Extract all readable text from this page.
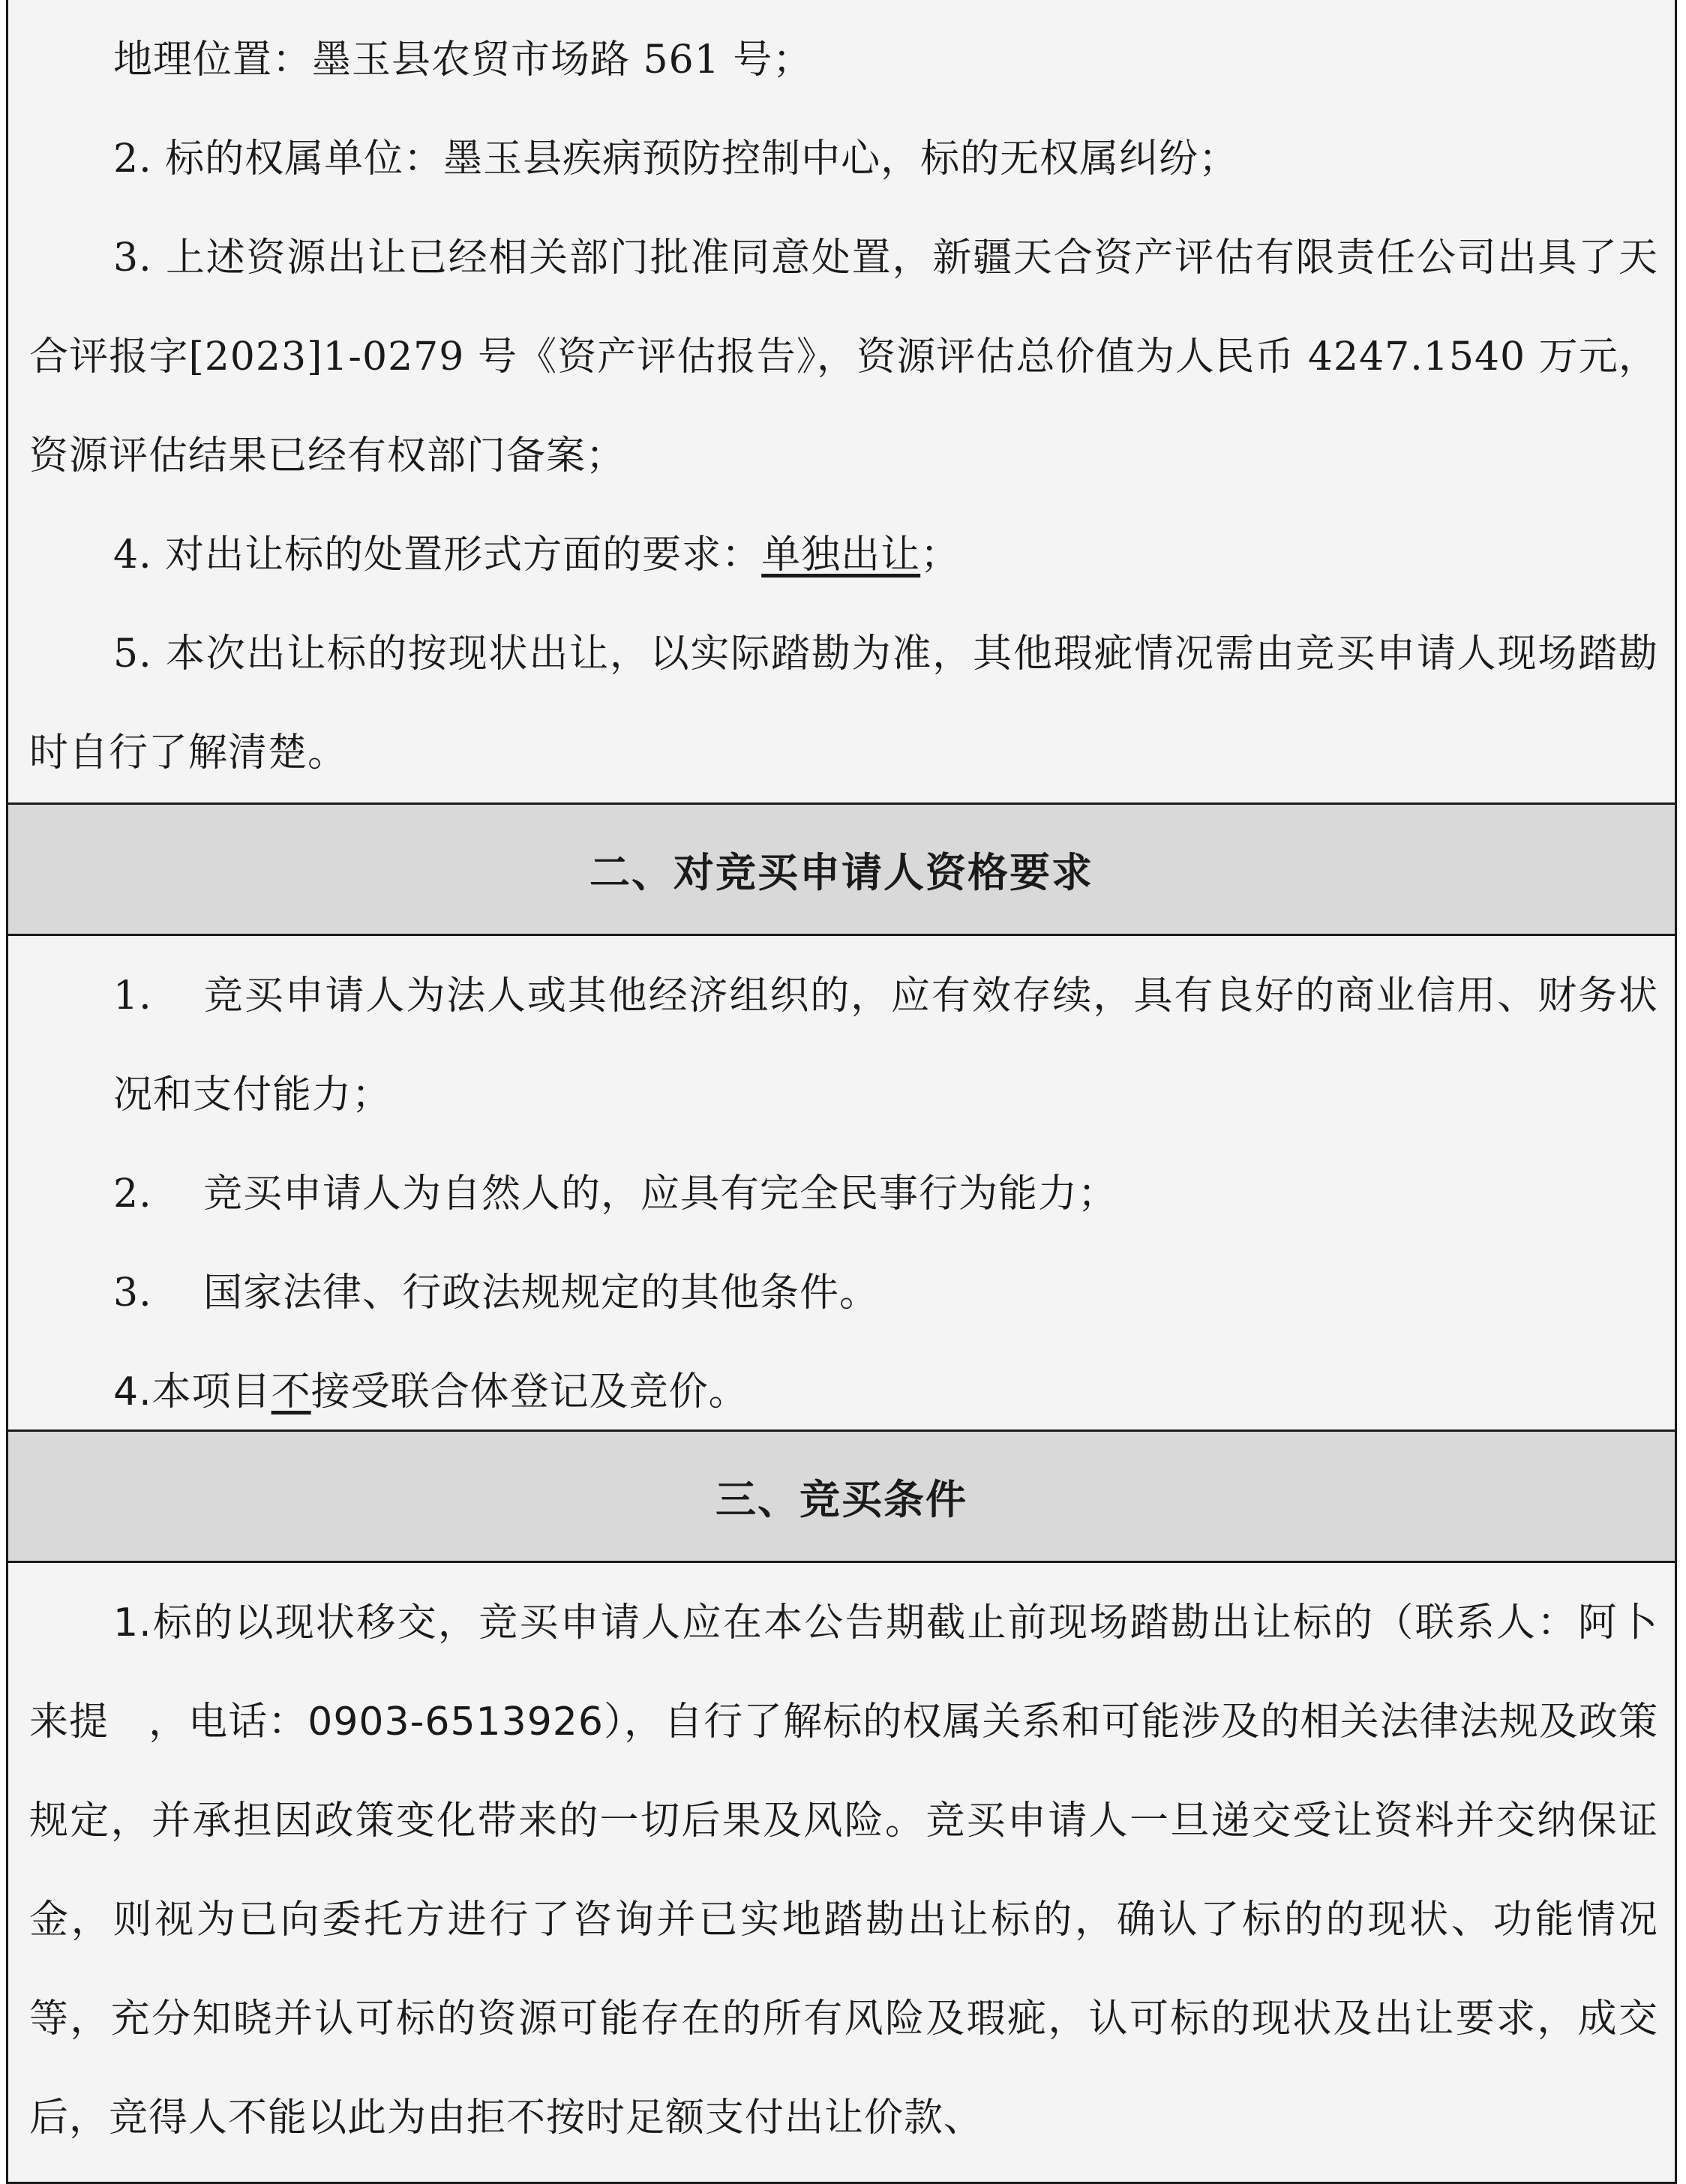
地理位置：墨玉县农贸市场路 561 号；

2. 标的权属单位：墨玉县疾病预防控制中心，标的无权属纠纷；

3. 上述资源出让已经相关部门批准同意处置，新疆天合资产评估有限责任公司出具了天合评报字[2023]1-0279 号《资产评估报告》，资源评估总价值为人民币 4247.1540 万元，资源评估结果已经有权部门备案；

4. 对出让标的处置形式方面的要求：单独出让；

5. 本次出让标的按现状出让，以实际踏勘为准，其他瑕疵情况需由竞买申请人现场踏勘时自行了解清楚。

二、对竞买申请人资格要求

1. 竞买申请人为法人或其他经济组织的，应有效存续，具有良好的商业信用、财务状况和支付能力；

2. 竞买申请人为自然人的，应具有完全民事行为能力；

3. 国家法律、行政法规规定的其他条件。

4.本项目不接受联合体登记及竞价。

三、竞买条件

1.标的以现状移交，竞买申请人应在本公告期截止前现场踏勘出让标的（联系人：阿卜来提　，电话：0903-6513926），自行了解标的权属关系和可能涉及的相关法律法规及政策规定，并承担因政策变化带来的一切后果及风险。竞买申请人一旦递交受让资料并交纳保证金，则视为已向委托方进行了咨询并已实地踏勘出让标的，确认了标的的现状、功能情况等，充分知晓并认可标的资源可能存在的所有风险及瑕疵，认可标的现状及出让要求，成交后，竞得人不能以此为由拒不按时足额支付出让价款、
